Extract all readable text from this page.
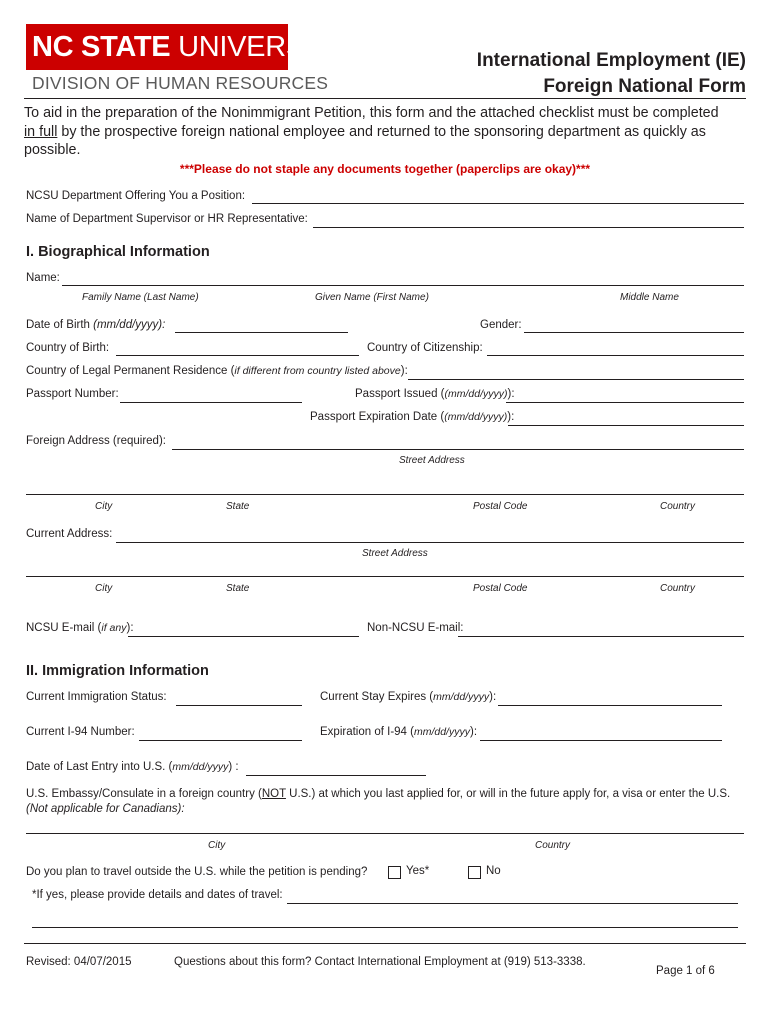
NC STATE UNIVERSITY
DIVISION OF HUMAN RESOURCES
International Employment (IE)
Foreign National Form
To aid in the preparation of the Nonimmigrant Petition, this form and the attached checklist must be completed
in full by the prospective foreign national employee and returned to the sponsoring department as quickly as possible.
***Please do not staple any documents together (paperclips are okay)***
NCSU Department Offering You a Position:
Name of Department Supervisor or HR Representative:
I. Biographical Information
Name:
Family Name (Last Name)	Given Name (First Name)	Middle Name
Date of Birth (mm/dd/yyyy):	Gender:
Country of Birth:	Country of Citizenship:
Country of Legal Permanent Residence (if different from country listed above):
Passport Number:	Passport Issued ((mm/dd/yyyy)):
Passport Expiration Date ((mm/dd/yyyy)):
Foreign Address (required):
Street Address
City	State	Postal Code	Country
Current Address:
Street Address
City	State	Postal Code	Country
NCSU E-mail (if any):	Non-NCSU E-mail:
II. Immigration Information
Current Immigration Status:	Current Stay Expires (mm/dd/yyyy):
Current I-94 Number:	Expiration of I-94 (mm/dd/yyyy):
Date of Last Entry into U.S. (mm/dd/yyyy) :
U.S. Embassy/Consulate in a foreign country (NOT U.S.) at which you last applied for, or will in the future apply for, a visa or enter the U.S.
(Not applicable for Canadians):
City	Country
Do you plan to travel outside the U.S. while the petition is pending?	Yes*	No
*If yes, please provide details and dates of travel:
Revised: 04/07/2015	Questions about this form? Contact International Employment at (919) 513-3338.
Page 1 of 6
